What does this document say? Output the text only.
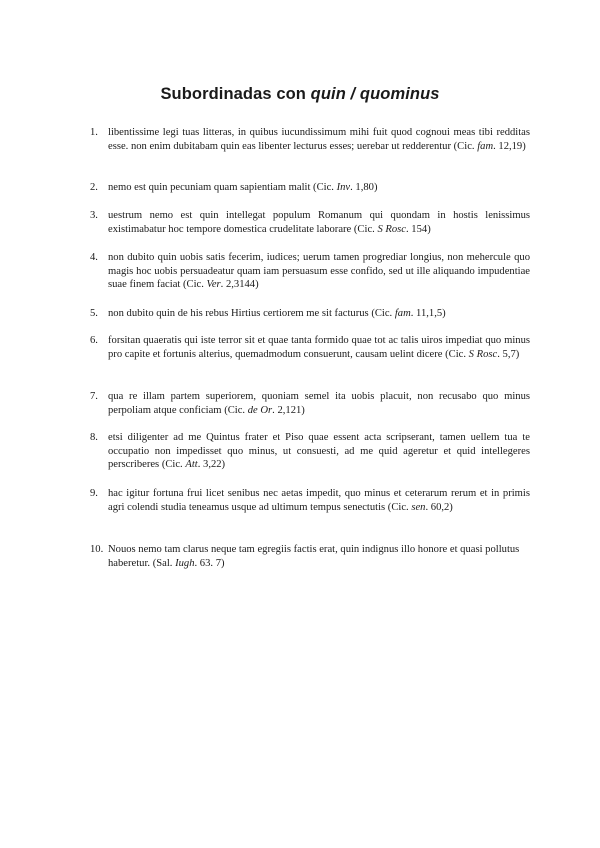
Subordinadas con quin / quominus
1. libentissime legi tuas litteras, in quibus iucundissimum mihi fuit quod cognoui meas tibi redditas esse. non enim dubitabam quin eas libenter lecturus esses; uerebar ut redderentur (Cic. fam. 12,19)
2. nemo est quin pecuniam quam sapientiam malit (Cic. Inv. 1,80)
3. uestrum nemo est quin intellegat populum Romanum qui quondam in hostis lenissimus existimabatur hoc tempore domestica crudelitate laborare (Cic. S Rosc. 154)
4. non dubito quin uobis satis fecerim, iudices; uerum tamen progrediar longius, non mehercule quo magis hoc uobis persuadeatur quam iam persuasum esse confido, sed ut ille aliquando impudentiae suae finem faciat (Cic. Ver. 2,3144)
5. non dubito quin de his rebus Hirtius certiorem me sit facturus (Cic. fam. 11,1,5)
6. forsitan quaeratis qui iste terror sit et quae tanta formido quae tot ac talis uiros impediat quo minus pro capite et fortunis alterius, quemadmodum consuerunt, causam uelint dicere (Cic. S Rosc. 5,7)
7. qua re illam partem superiorem, quoniam semel ita uobis placuit, non recusabo quo minus perpoliam atque conficiam (Cic. de Or. 2,121)
8. etsi diligenter ad me Quintus frater et Piso quae essent acta scripserant, tamen uellem tua te occupatio non impedisset quo minus, ut consuesti, ad me quid ageretur et quid intellegeres perscriberes (Cic. Att. 3,22)
9. hac igitur fortuna frui licet senibus nec aetas impedit, quo minus et ceterarum rerum et in primis agri colendi studia teneamus usque ad ultimum tempus senectutis (Cic. sen. 60,2)
10. Nouos nemo tam clarus neque tam egregiis factis erat, quin indignus illo honore et quasi pollutus haberetur. (Sal. Iugh. 63. 7)
